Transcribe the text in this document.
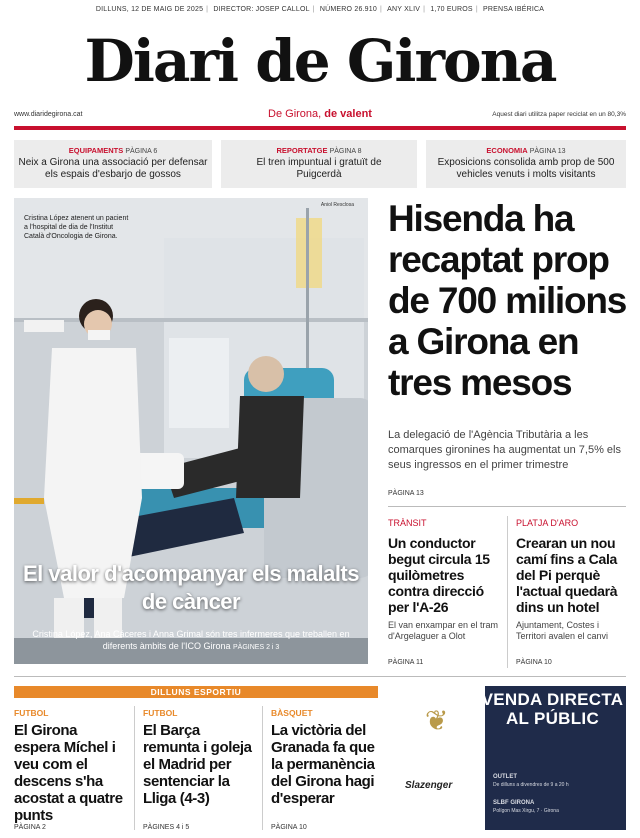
DILLUNS, 12 DE MAIG DE 2025 | DIRECTOR: JOSEP CALLOL | NÚMERO 26.910 | ANY XLIV | 1,70 EUROS | PRENSA IBÉRICA
Diari de Girona
www.diaridegirona.cat	De Girona, de valent	Aquest diari utilitza paper reciclat en un 80,3%
EQUIPAMENTS PÀGINA 6
Neix a Girona una associació per defensar els espais d'esbarjo de gossos
REPORTATGE PÀGINA 8
El tren impuntual i gratuït de Puigcerdà
ECONOMIA PÀGINA 13
Exposicions consolida amb prop de 500 vehicles venuts i molts visitants
Cristina López atenent un pacient a l'hospital de dia de l'Institut Català d'Oncologia de Girona.
Aniol Resclosa
El valor d'acompanyar els malalts de càncer
Cristina López, Ana Cáceres i Anna Grimal són tres infermeres que treballen en diferents àmbits de l'ICO Girona PÀGINES 2 i 3
Hisenda ha recaptat prop de 700 milions a Girona en tres mesos
La delegació de l'Agència Tributària a les comarques gironines ha augmentat un 7,5% els seus ingressos en el primer trimestre
PÀGINA 13
TRÀNSIT
Un conductor begut circula 15 quilòmetres contra direcció per l'A-26
El van enxampar en el tram d'Argelaguer a Olot
PÀGINA 11
PLATJA D'ARO
Crearan un nou camí fins a Cala del Pi perquè l'actual quedarà dins un hotel
Ajuntament, Costes i Territori avalen el canvi
PÀGINA 10
DILLUNS ESPORTIU
FUTBOL
El Girona espera Míchel i veu com el descens s'ha acostat a quatre punts
PÀGINA 2
FUTBOL
El Barça remunta i goleja el Madrid per sentenciar la Lliga (4-3)
PÀGINES 4 i 5
BÀSQUET
La victòria del Granada fa que la permanència del Girona hagi d'esperar
PÀGINA 10
❦
Slazenger
VENDA DIRECTA AL PÚBLIC
OUTLET
De dilluns a divendres de 9 a 20 h
SLBF GIRONA
Polígon Mas Xirgu, 7 · Girona
